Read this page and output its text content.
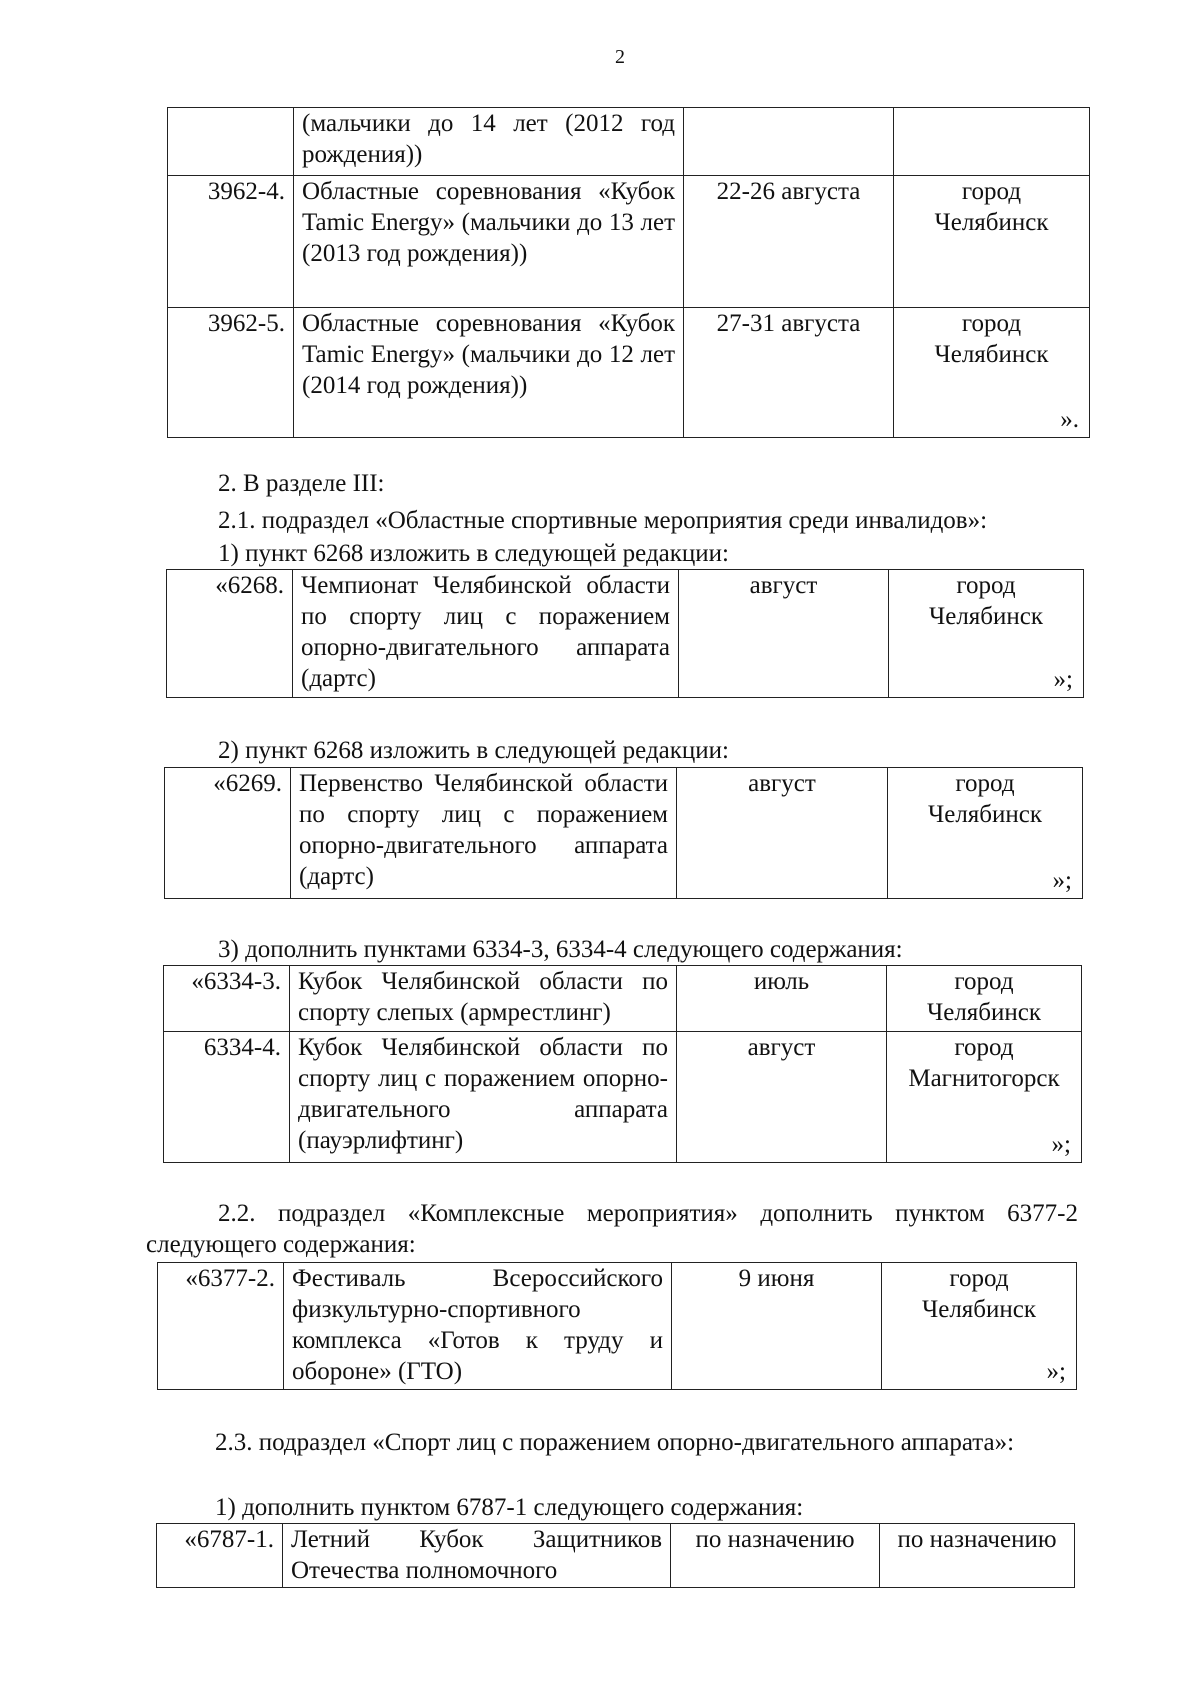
2
	(мальчики до 14 лет (2012 год рождения))		
3962-4.	Областные соревнования «Кубок Tamic Energy» (мальчики до 13 лет (2013 год рождения))	22-26 августа	город Челябинск
3962-5.	Областные соревнования «Кубок Tamic Energy» (мальчики до 12 лет (2014 год рождения))	27-31 августа	город Челябинск
».
2. В разделе III:
2.1. подраздел «Областные спортивные мероприятия среди инвалидов»:
1) пункт 6268 изложить в следующей редакции:
«6268.	Чемпионат Челябинской области по спорту лиц с поражением опорно-двигательного аппарата (дартс)	август	город Челябинск
»;
2) пункт 6268 изложить в следующей редакции:
«6269.	Первенство Челябинской области по спорту лиц с поражением опорно-двигательного аппарата (дартс)	август	город Челябинск
»;
3) дополнить пунктами 6334-3, 6334-4 следующего содержания:
«6334-3.	Кубок Челябинской области по спорту слепых (армрестлинг)	июль	город Челябинск
6334-4.	Кубок Челябинской области по спорту лиц с поражением опорно-двигательного аппарата (пауэрлифтинг)	август	город Магнитогорск
»;
2.2. подраздел «Комплексные мероприятия» дополнить пунктом 6377-2 следующего содержания:
«6377-2.	Фестиваль Всероссийского физкультурно-спортивного комплекса «Готов к труду и обороне» (ГТО)	9 июня	город Челябинск
»;
2.3. подраздел «Спорт лиц с поражением опорно-двигательного аппарата»:
1) дополнить пунктом 6787-1 следующего содержания:
«6787-1.	Летний Кубок Защитников Отечества полномочного	по назначению	по назначению
